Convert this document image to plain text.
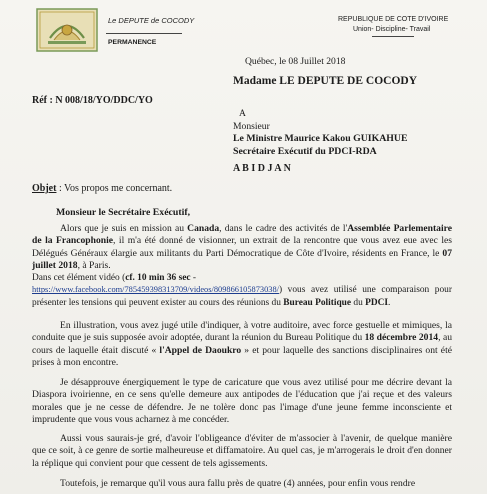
Le DEPUTE de COCODY
PERMANENCE
REPUBLIQUE DE COTE D'IVOIRE
Union- Discipline- Travail
Québec, le 08 Juillet 2018
Madame LE DEPUTE DE COCODY
Réf : N 008/18/YO/DDC/YO
A
Monsieur
Le Ministre Maurice Kakou GUIKAHUE
Secrétaire Exécutif du PDCI-RDA
A B I D J A N
Objet : Vos propos me concernant.
Monsieur le Secrétaire Exécutif,
Alors que je suis en mission au Canada, dans le cadre des activités de l'Assemblée Parlementaire de la Francophonie, il m'a été donné de visionner, un extrait de la rencontre que vous avez eue avec les Délégués Généraux élargie aux militants du Parti Démocratique de Côte d'Ivoire, résidents en France, le 07 juillet 2018, à Paris.
Dans cet élément vidéo (cf. 10 min 36 sec -
https://www.facebook.com/785459398313709/videos/809866105873038/) vous avez utilisé une comparaison pour présenter les tensions qui peuvent exister au cours des réunions du Bureau Politique du PDCI.
En illustration, vous avez jugé utile d'indiquer, à votre auditoire, avec force gestuelle et mimiques, la conduite que je suis supposée avoir adoptée, durant la réunion du Bureau Politique du 18 décembre 2014, au cours de laquelle était discuté « l'Appel de Daoukro » et pour laquelle des sanctions disciplinaires ont été prises à mon encontre.
Je désapprouve énergiquement le type de caricature que vous avez utilisé pour me décrire devant la Diaspora ivoirienne, en ce sens qu'elle demeure aux antipodes de l'éducation que j'ai reçue et des valeurs morales que je ne cesse de défendre. Je ne tolère donc pas l'image d'une jeune femme inconsciente et imprudente que vous vous acharnez à me concéder.
Aussi vous saurais-je gré, d'avoir l'obligeance d'éviter de m'associer à l'avenir, de quelque manière que ce soit, à ce genre de sortie malheureuse et diffamatoire. Au quel cas, je m'arrogerais le droit d'en donner la réplique qui convient pour que cessent de tels agissements.
Toutefois, je remarque qu'il vous aura fallu près de quatre (4) années, pour enfin vous rendre
